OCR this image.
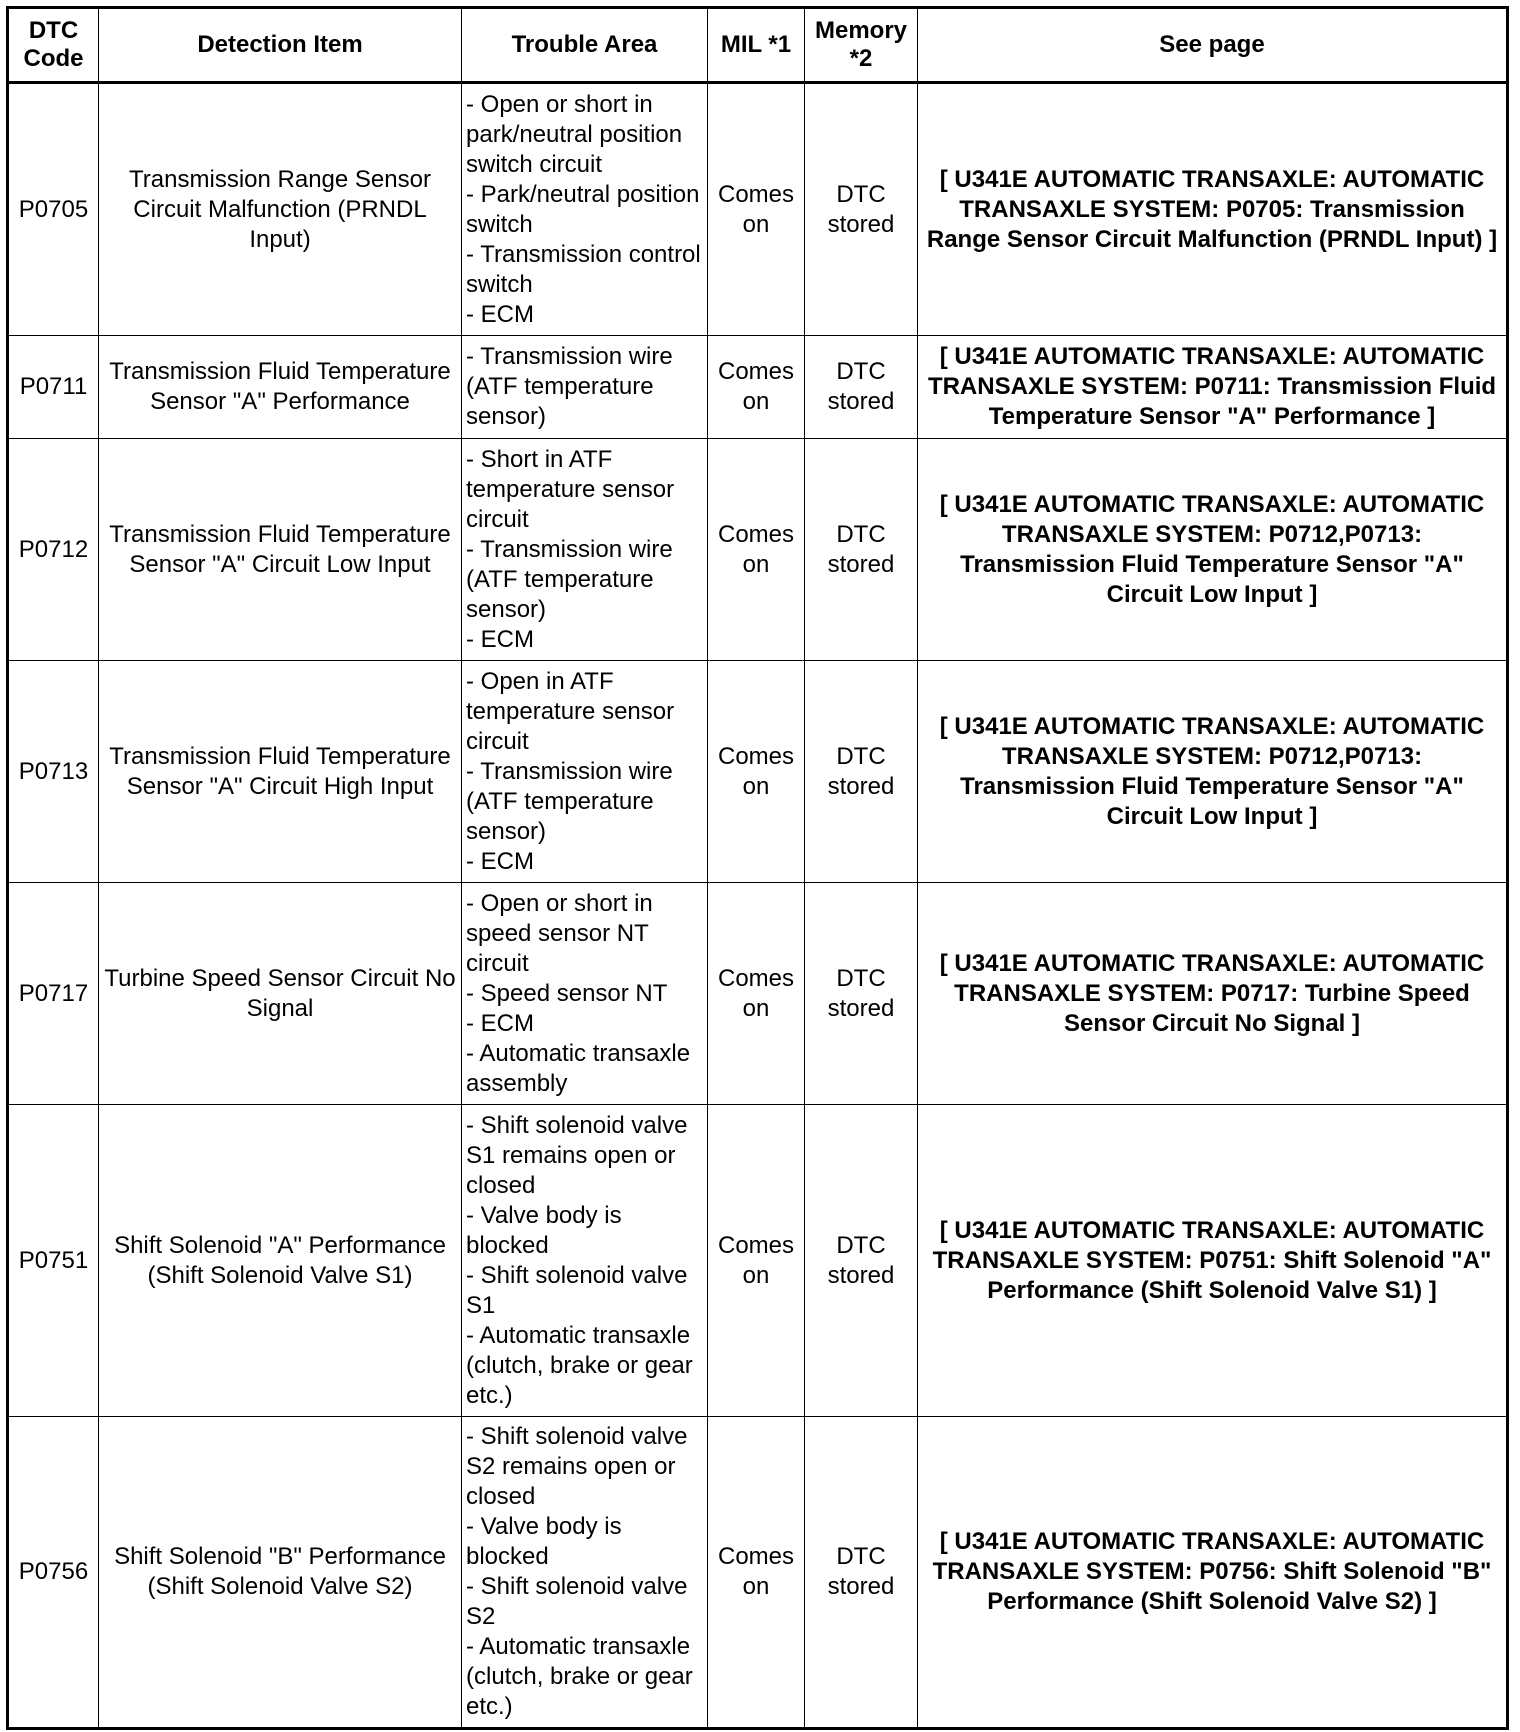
DTC Code	Detection Item	Trouble Area	MIL *1	Memory *2	See page
P0705	Transmission Range Sensor Circuit Malfunction (PRNDL Input)	- Open or short in park/neutral position switch circuit
- Park/neutral position switch
- Transmission control switch
- ECM	Comes on	DTC stored	[ U341E AUTOMATIC TRANSAXLE: AUTOMATIC TRANSAXLE SYSTEM: P0705: Transmission Range Sensor Circuit Malfunction (PRNDL Input) ]
P0711	Transmission Fluid Temperature Sensor "A" Performance	- Transmission wire (ATF temperature sensor)	Comes on	DTC stored	[ U341E AUTOMATIC TRANSAXLE: AUTOMATIC TRANSAXLE SYSTEM: P0711: Transmission Fluid Temperature Sensor "A" Performance ]
P0712	Transmission Fluid Temperature Sensor "A" Circuit Low Input	- Short in ATF temperature sensor circuit
- Transmission wire (ATF temperature sensor)
- ECM	Comes on	DTC stored	[ U341E AUTOMATIC TRANSAXLE: AUTOMATIC TRANSAXLE SYSTEM: P0712,P0713: Transmission Fluid Temperature Sensor "A" Circuit Low Input ]
P0713	Transmission Fluid Temperature Sensor "A" Circuit High Input	- Open in ATF temperature sensor circuit
- Transmission wire (ATF temperature sensor)
- ECM	Comes on	DTC stored	[ U341E AUTOMATIC TRANSAXLE: AUTOMATIC TRANSAXLE SYSTEM: P0712,P0713: Transmission Fluid Temperature Sensor "A" Circuit Low Input ]
P0717	Turbine Speed Sensor Circuit No Signal	- Open or short in speed sensor NT circuit
- Speed sensor NT
- ECM
- Automatic transaxle assembly	Comes on	DTC stored	[ U341E AUTOMATIC TRANSAXLE: AUTOMATIC TRANSAXLE SYSTEM: P0717: Turbine Speed Sensor Circuit No Signal ]
P0751	Shift Solenoid "A" Performance (Shift Solenoid Valve S1)	- Shift solenoid valve S1 remains open or closed
- Valve body is blocked
- Shift solenoid valve S1
- Automatic transaxle (clutch, brake or gear etc.)	Comes on	DTC stored	[ U341E AUTOMATIC TRANSAXLE: AUTOMATIC TRANSAXLE SYSTEM: P0751: Shift Solenoid "A" Performance (Shift Solenoid Valve S1) ]
P0756	Shift Solenoid "B" Performance (Shift Solenoid Valve S2)	- Shift solenoid valve S2 remains open or closed
- Valve body is blocked
- Shift solenoid valve S2
- Automatic transaxle (clutch, brake or gear etc.)	Comes on	DTC stored	[ U341E AUTOMATIC TRANSAXLE: AUTOMATIC TRANSAXLE SYSTEM: P0756: Shift Solenoid "B" Performance (Shift Solenoid Valve S2) ]
